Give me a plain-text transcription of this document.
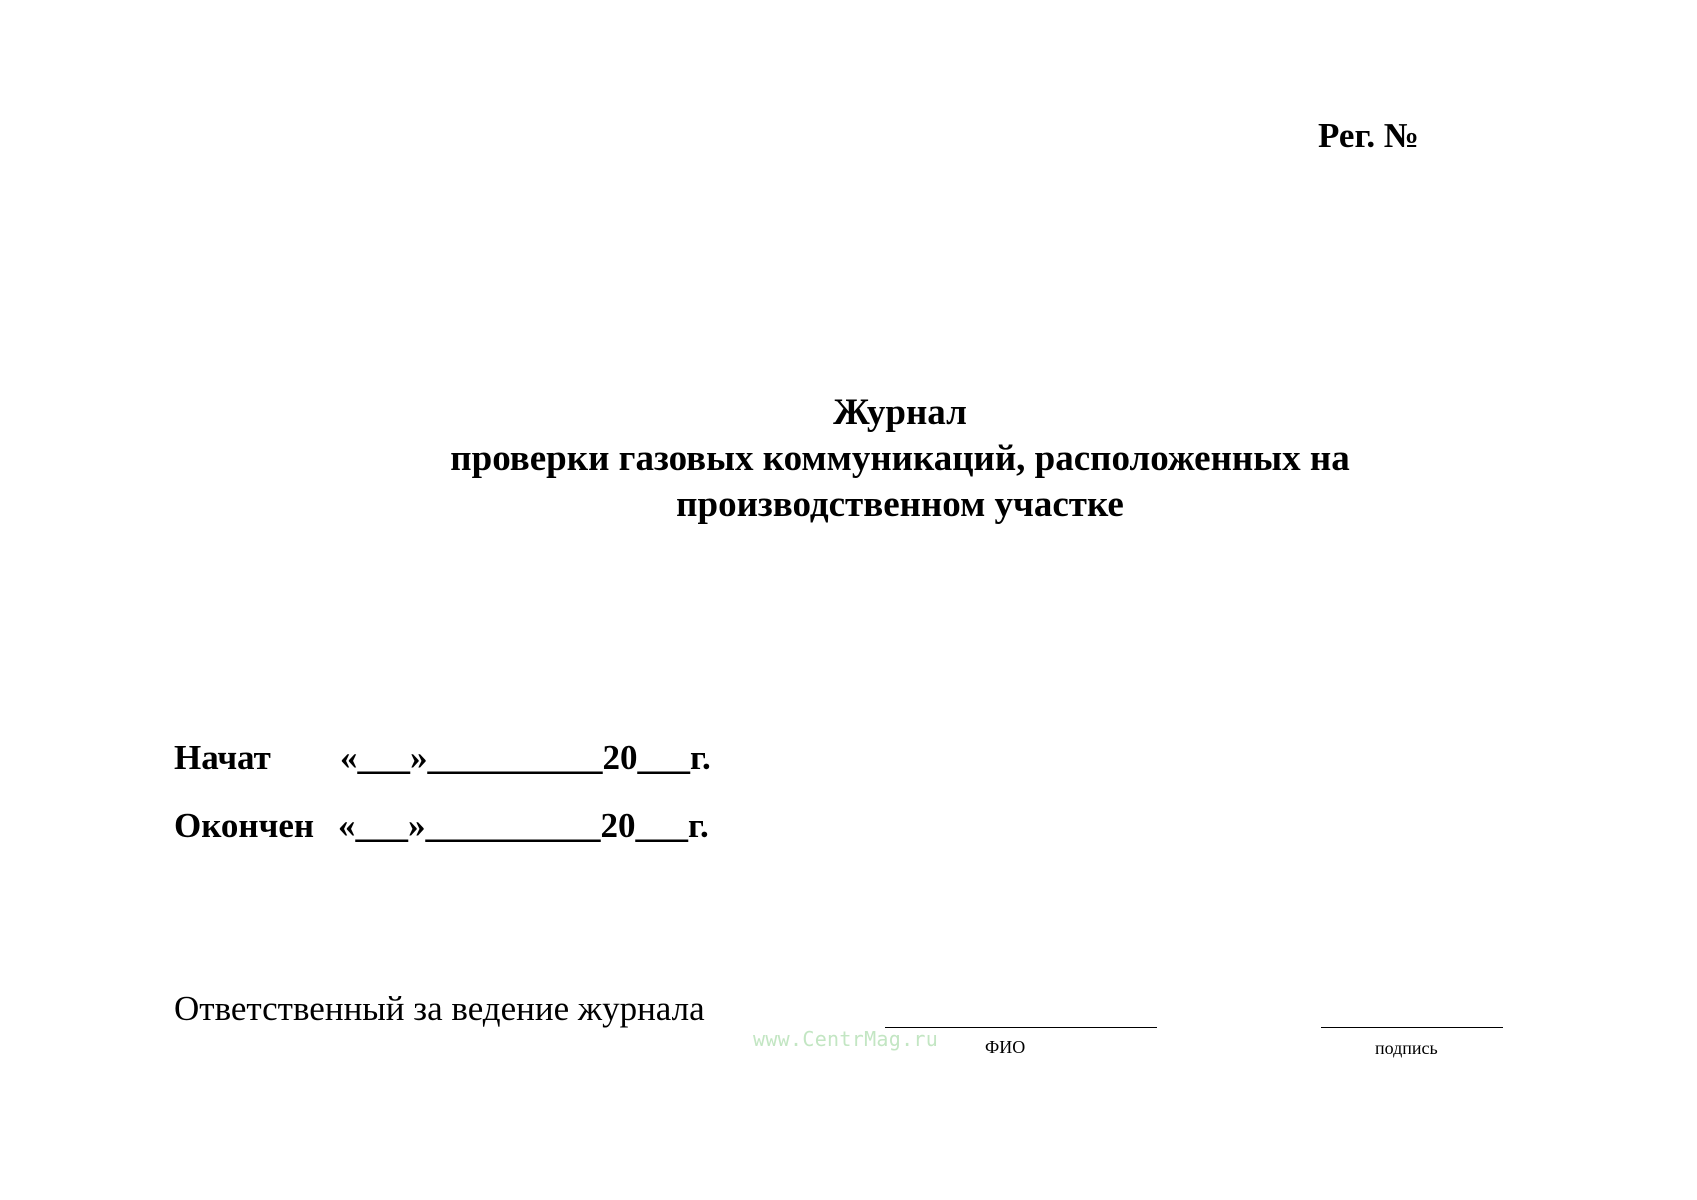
Рег. №
Журнал
проверки газовых коммуникаций, расположенных на
производственном участке
Начат «___»__________20___г.
Окончен «___»__________20___г.
Ответственный за ведение журнала
www.CentrMag.ru	ФИО	подпись
